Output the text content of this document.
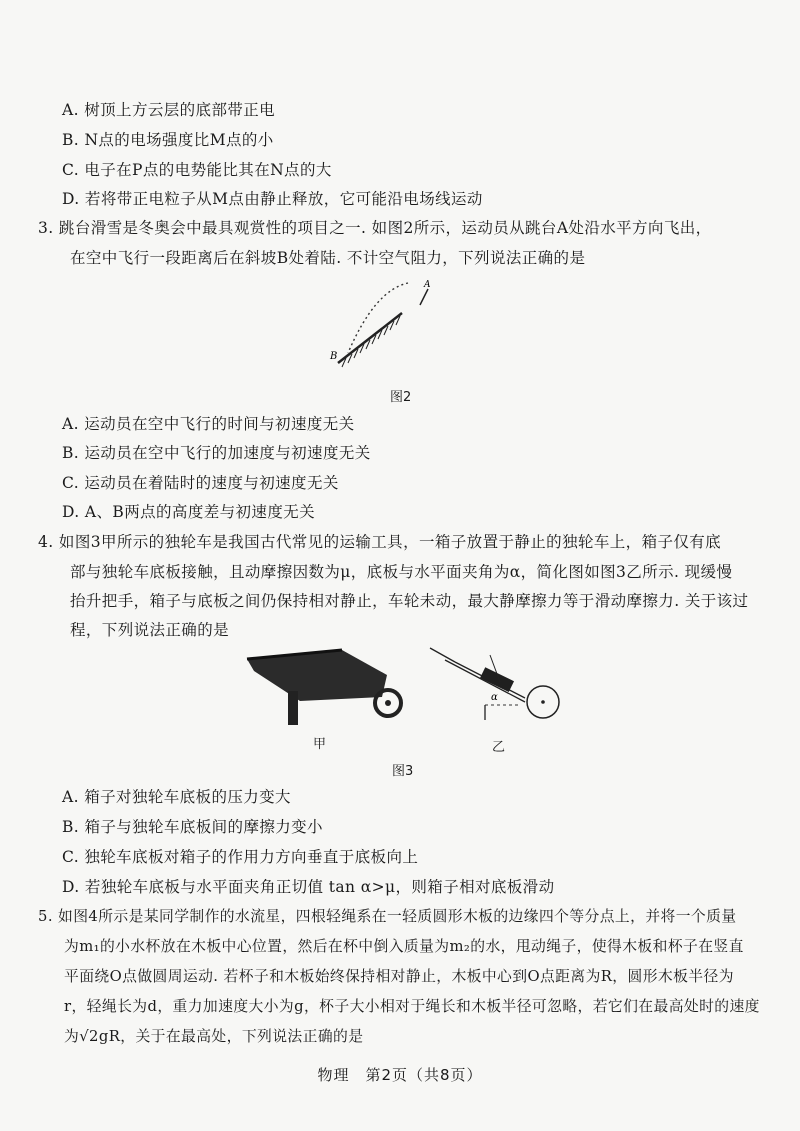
A. 树顶上方云层的底部带正电
B. N点的电场强度比M点的小
C. 电子在P点的电势能比其在N点的大
D. 若将带正电粒子从M点由静止释放，它可能沿电场线运动
3. 跳台滑雪是冬奥会中最具观赏性的项目之一. 如图2所示，运动员从跳台A处沿水平方向飞出，
在空中飞行一段距离后在斜坡B处着陆. 不计空气阻力，下列说法正确的是
A
B
图2
A. 运动员在空中飞行的时间与初速度无关
B. 运动员在空中飞行的加速度与初速度无关
C. 运动员在着陆时的速度与初速度无关
D. A、B两点的高度差与初速度无关
4. 如图3甲所示的独轮车是我国古代常见的运输工具，一箱子放置于静止的独轮车上，箱子仅有底
部与独轮车底板接触，且动摩擦因数为μ，底板与水平面夹角为α，简化图如图3乙所示. 现缓慢
抬升把手，箱子与底板之间仍保持相对静止，车轮未动，最大静摩擦力等于滑动摩擦力. 关于该过
程，下列说法正确的是
甲
α
乙
图3
A. 箱子对独轮车底板的压力变大
B. 箱子与独轮车底板间的摩擦力变小
C. 独轮车底板对箱子的作用力方向垂直于底板向上
D. 若独轮车底板与水平面夹角正切值 tan α>μ，则箱子相对底板滑动
5. 如图4所示是某同学制作的水流星，四根轻绳系在一轻质圆形木板的边缘四个等分点上，并将一个质量
为m₁的小水杯放在木板中心位置，然后在杯中倒入质量为m₂的水，甩动绳子，使得木板和杯子在竖直
平面绕O点做圆周运动. 若杯子和木板始终保持相对静止，木板中心到O点距离为R，圆形木板半径为
r，轻绳长为d，重力加速度大小为g，杯子大小相对于绳长和木板半径可忽略，若它们在最高处时的速度
为√2gR，关于在最高处，下列说法正确的是
物理　第2页（共8页）
